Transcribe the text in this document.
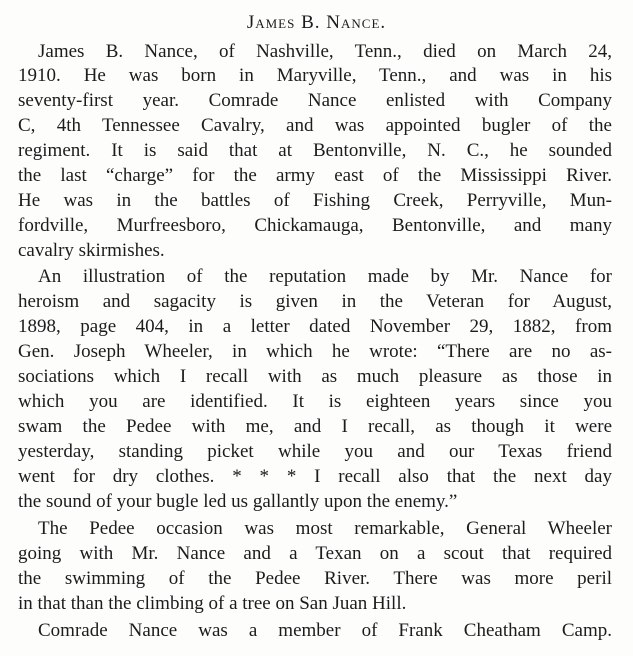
James B. Nance.
James B. Nance, of Nashville, Tenn., died on March 24,
1910. He was born in Maryville, Tenn., and was in his
seventy-first year. Comrade Nance enlisted with Company
C, 4th Tennessee Cavalry, and was appointed bugler of the
regiment. It is said that at Bentonville, N. C., he sounded
the last “charge” for the army east of the Mississippi River.
He was in the battles of Fishing Creek, Perryville, Mun-
fordville, Murfreesboro, Chickamauga, Bentonville, and many
cavalry skirmishes.
An illustration of the reputation made by Mr. Nance for
heroism and sagacity is given in the Veteran for August,
1898, page 404, in a letter dated November 29, 1882, from
Gen. Joseph Wheeler, in which he wrote: “There are no as-
sociations which I recall with as much pleasure as those in
which you are identified. It is eighteen years since you
swam the Pedee with me, and I recall, as though it were
yesterday, standing picket while you and our Texas friend
went for dry clothes. * * * I recall also that the next day
the sound of your bugle led us gallantly upon the enemy.”
The Pedee occasion was most remarkable, General Wheeler
going with Mr. Nance and a Texan on a scout that required
the swimming of the Pedee River. There was more peril
in that than the climbing of a tree on San Juan Hill.
Comrade Nance was a member of Frank Cheatham Camp.
